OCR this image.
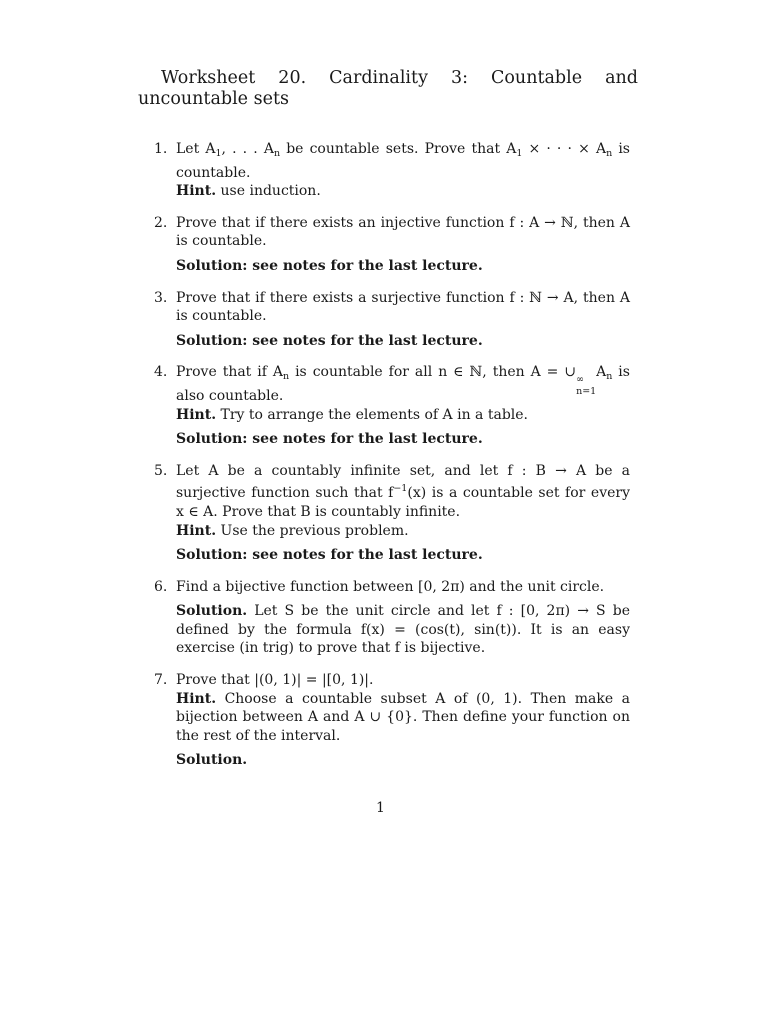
Worksheet 20. Cardinality 3: Countable and uncountable sets
1. Let $A_1$, . . . $A_n$ be countable sets. Prove that $A_1$ × · · · × $A_n$ is countable.
Hint. use induction.

2. Prove that if there exists an injective function f : A → ℕ, then A is countable.

Solution: see notes for the last lecture.

3. Prove that if there exists a surjective function f : ℕ → A, then A is countable.

Solution: see notes for the last lecture.

4. Prove that if $A_n$ is countable for all n ∈ ℕ, then A = ∪ ∞
n=1
$A_n$ is also countable.
Hint. Try to arrange the elements of A in a table.

Solution: see notes for the last lecture.

5. Let A be a countably infinite set, and let f : B → A be a surjective function such that $f^{-1}(x)$ is a countable set for every x ∈ A. Prove that B is countably infinite.
Hint. Use the previous problem.

Solution: see notes for the last lecture.

6. Find a bijective function between [0, 2π) and the unit circle.

Solution. Let S be the unit circle and let f : [0, 2π) → S be defined by the formula f(x) = (cos(t), sin(t)). It is an easy exercise (in trig) to prove that f is bijective.

7. Prove that |(0, 1)| = |[0, 1)|.
Hint. Choose a countable subset A of (0, 1). Then make a bijection between A and A ∪ {0}. Then define your function on the rest of the interval.

Solution.

1
